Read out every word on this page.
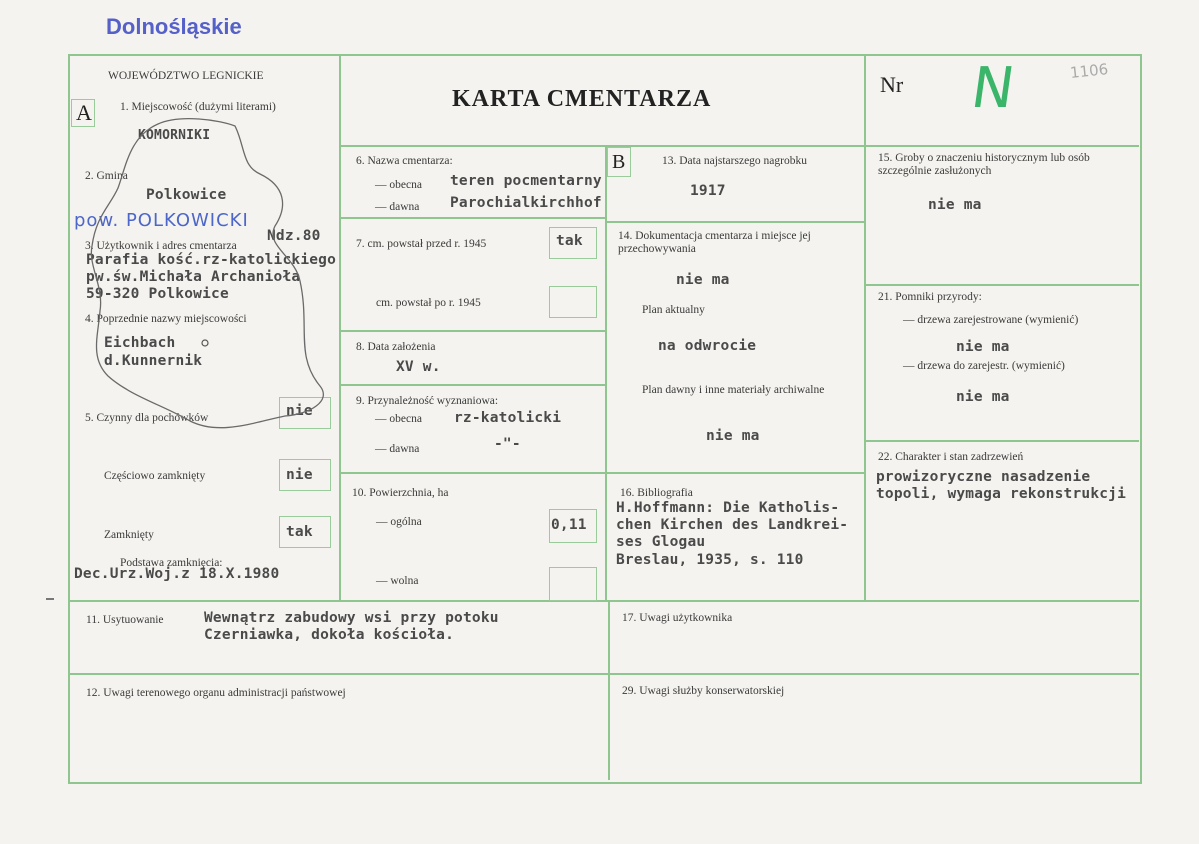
Dolnośląskie
WOJEWÓDZTWO LEGNICKIE
KARTA CMENTARZA
Nr N	1106
A 1. Miejscowość (dużymi literami)
KOMORNIKI
2. Gmina
Polkowice
pow. POLKOWICKI
3. Użytkownik i adres cmentarza
Ndz.80
Parafia kość.rz-katolickiego
pw.św.Michała Archanioła
59-320 Polkowice
4. Poprzednie nazwy miejscowości
Eichbach
d.Kunnernik
5. Czynny dla pochówków	nie
Częściowo zamknięty	nie
Zamknięty	tak
Podstawa zamknięcia:
Dec.Urz.Woj.z 18.X.1980
6. Nazwa cmentarza:
— obecna teren pocmentarny
— dawna Parochialkirchhof
7. cm. powstał przed r. 1945	tak
cm. powstał po r. 1945
8. Data założenia
XV w.
9. Przynależność wyznaniowa:
— obecna rz-katolicki
— dawna	-"-
10. Powierzchnia, ha
— ogólna	0,11
— wolna
B	13. Data najstarszego nagrobku
1917
14. Dokumentacja cmentarza i miejsce jej przechowywania
nie ma
Plan aktualny
na odwrocie
Plan dawny i inne materiały archiwalne
nie ma
16. Bibliografia
H.Hoffmann: Die Katholis-
chen Kirchen des Landkrei-
ses Glogau
Breslau, 1935, s. 110
15. Groby o znaczeniu historycznym lub osób szczególnie zasłużonych
nie ma
21. Pomniki przyrody:
— drzewa zarejestrowane (wymienić)
nie ma
— drzewa do zarejestr. (wymienić)
nie ma
22. Charakter i stan zadrzewień
prowizoryczne nasadzenie
topoli, wymaga rekonstrukcji
11. Usytuowanie	Wewnątrz zabudowy wsi przy potoku
Czerniawka, dokoła kościoła.
17. Uwagi użytkownika
12. Uwagi terenowego organu administracji państwowej	29. Uwagi służby konserwatorskiej
